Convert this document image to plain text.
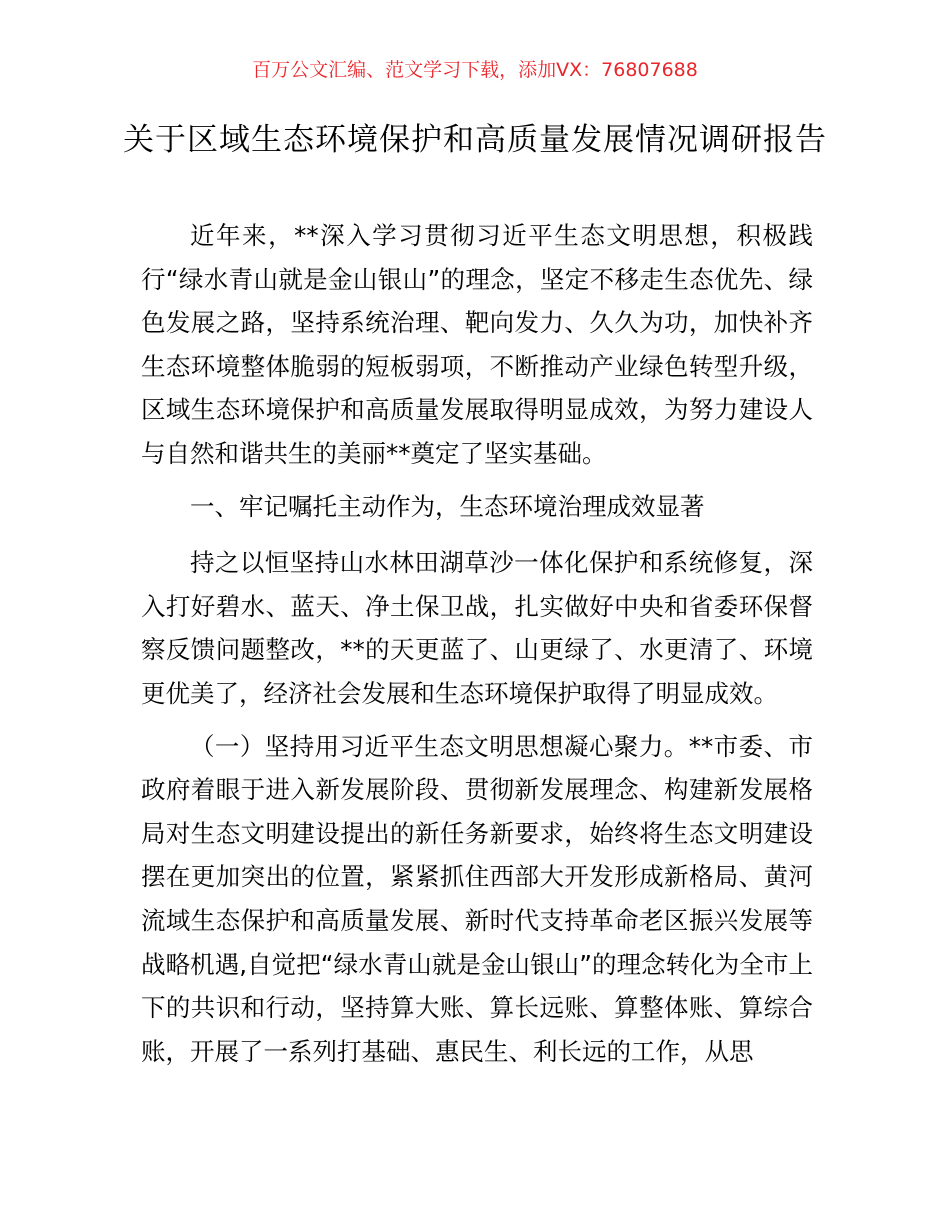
百万公文汇编、范文学习下载，添加VX：76807688
关于区域生态环境保护和高质量发展情况调研报告

近年来，**深入学习贯彻习近平生态文明思想，积极践行“绿水青山就是金山银山”的理念，坚定不移走生态优先、绿色发展之路，坚持系统治理、靶向发力、久久为功，加快补齐生态环境整体脆弱的短板弱项，不断推动产业绿色转型升级，区域生态环境保护和高质量发展取得明显成效，为努力建设人与自然和谐共生的美丽**奠定了坚实基础。

一、牢记嘱托主动作为，生态环境治理成效显著

持之以恒坚持山水林田湖草沙一体化保护和系统修复，深入打好碧水、蓝天、净土保卫战，扎实做好中央和省委环保督察反馈问题整改，**的天更蓝了、山更绿了、水更清了、环境更优美了，经济社会发展和生态环境保护取得了明显成效。

（一）坚持用习近平生态文明思想凝心聚力。**市委、市政府着眼于进入新发展阶段、贯彻新发展理念、构建新发展格局对生态文明建设提出的新任务新要求，始终将生态文明建设摆在更加突出的位置，紧紧抓住西部大开发形成新格局、黄河流域生态保护和高质量发展、新时代支持革命老区振兴发展等战略机遇,自觉把“绿水青山就是金山银山”的理念转化为全市上下的共识和行动，坚持算大账、算长远账、算整体账、算综合账，开展了一系列打基础、惠民生、利长远的工作，从思
